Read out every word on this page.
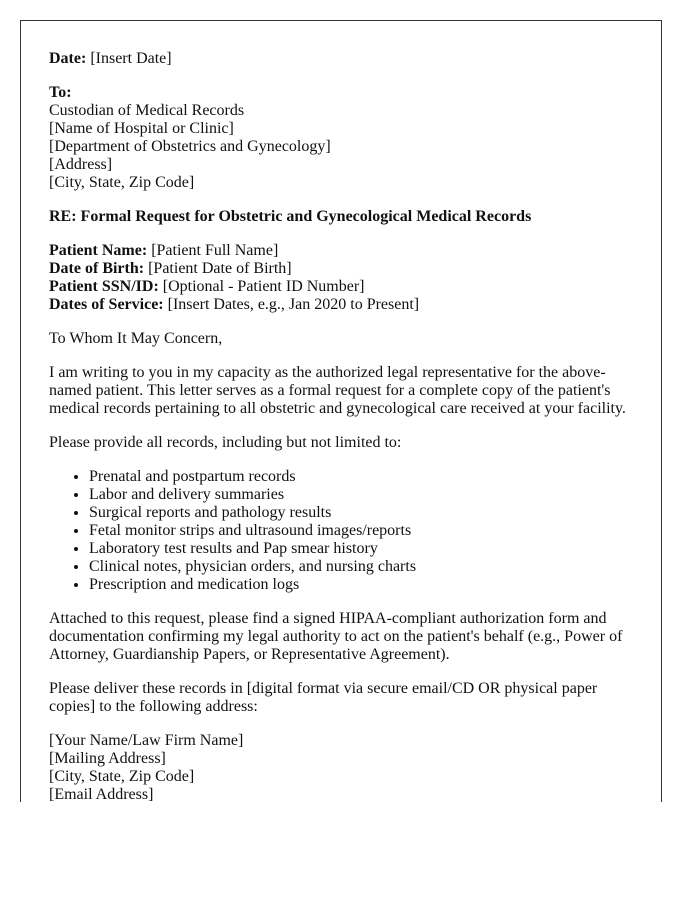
Date: [Insert Date]

To:
Custodian of Medical Records
[Name of Hospital or Clinic]
[Department of Obstetrics and Gynecology]
[Address]
[City, State, Zip Code]

RE: Formal Request for Obstetric and Gynecological Medical Records

Patient Name: [Patient Full Name]
Date of Birth: [Patient Date of Birth]
Patient SSN/ID: [Optional - Patient ID Number]
Dates of Service: [Insert Dates, e.g., Jan 2020 to Present]

To Whom It May Concern,

I am writing to you in my capacity as the authorized legal representative for the above-named patient. This letter serves as a formal request for a complete copy of the patient's medical records pertaining to all obstetric and gynecological care received at your facility.

Please provide all records, including but not limited to:

• Prenatal and postpartum records
• Labor and delivery summaries
• Surgical reports and pathology results
• Fetal monitor strips and ultrasound images/reports
• Laboratory test results and Pap smear history
• Clinical notes, physician orders, and nursing charts
• Prescription and medication logs

Attached to this request, please find a signed HIPAA-compliant authorization form and documentation confirming my legal authority to act on the patient's behalf (e.g., Power of Attorney, Guardianship Papers, or Representative Agreement).

Please deliver these records in [digital format via secure email/CD OR physical paper copies] to the following address:

[Your Name/Law Firm Name]
[Mailing Address]
[City, State, Zip Code]
[Email Address]
